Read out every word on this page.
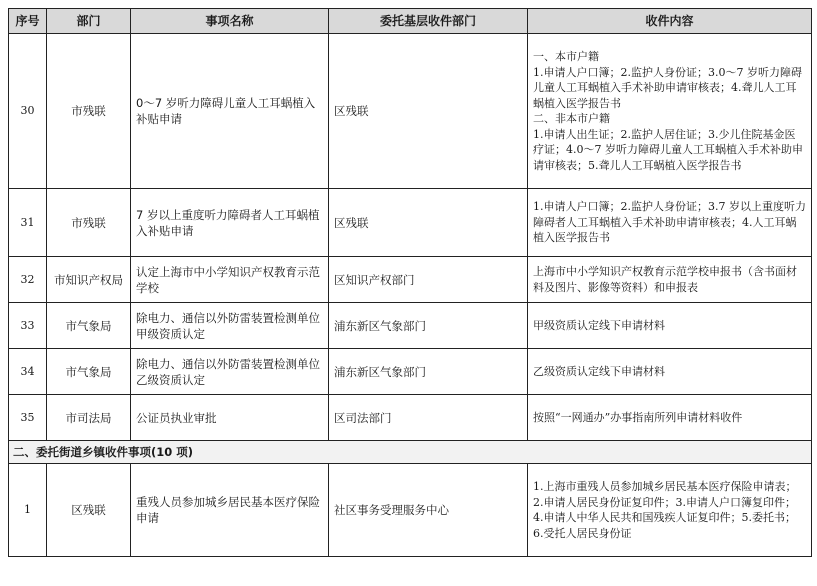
序号	部门	事项名称	委托基层收件部门	收件内容
30	市残联	0～7 岁听力障碍儿童人工耳蜗植入补贴申请	区残联	一、本市户籍
1.申请人户口簿；2.监护人身份证；3.0～7 岁听力障碍儿童人工耳蜗植入手术补助申请审核表；4.聋儿人工耳蜗植入医学报告书
二、非本市户籍
1.申请人出生证；2.监护人居住证；3.少儿住院基金医疗证；4.0～7 岁听力障碍儿童人工耳蜗植入手术补助申请审核表；5.聋儿人工耳蜗植入医学报告书

31	市残联	7 岁以上重度听力障碍者人工耳蜗植入补贴申请	区残联	1.申请人户口簿；2.监护人身份证；3.7 岁以上重度听力障碍者人工耳蜗植入手术补助申请审核表；4.人工耳蜗植入医学报告书

32	市知识产权局	认定上海市中小学知识产权教育示范学校	区知识产权部门	上海市中小学知识产权教育示范学校申报书（含书面材料及图片、影像等资料）和申报表

33	市气象局	除电力、通信以外防雷装置检测单位甲级资质认定	浦东新区气象部门	甲级资质认定线下申请材料

34	市气象局	除电力、通信以外防雷装置检测单位乙级资质认定	浦东新区气象部门	乙级资质认定线下申请材料

35	市司法局	公证员执业审批	区司法部门	按照“一网通办”办事指南所列申请材料收件

二、委托街道乡镇收件事项(10 项)				
1	区残联	重残人员参加城乡居民基本医疗保险申请	社区事务受理服务中心	1.上海市重残人员参加城乡居民基本医疗保险申请表；2.申请人居民身份证复印件；3.申请人户口簿复印件；4.申请人中华人民共和国残疾人证复印件；5.委托书；6.受托人居民身份证
